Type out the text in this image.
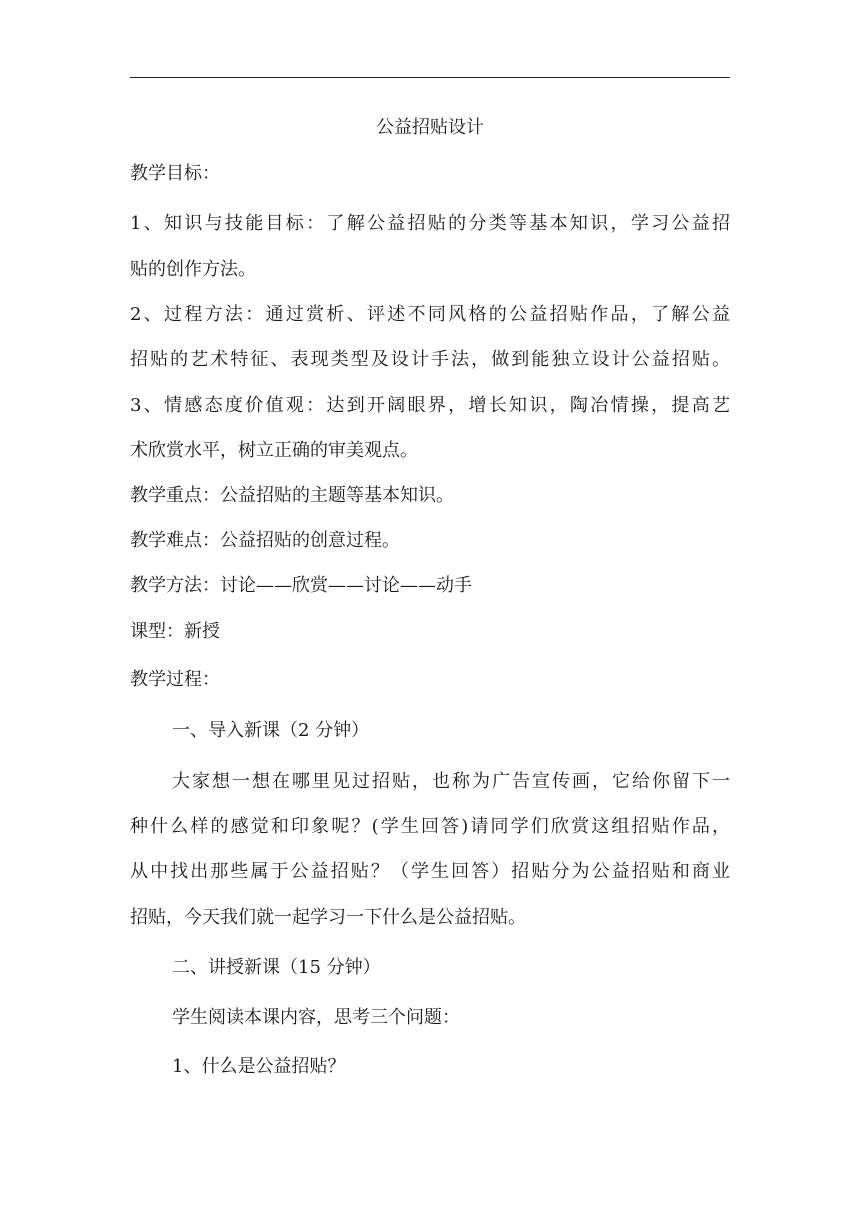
公益招贴设计
教学目标：
1、知识与技能目标：了解公益招贴的分类等基本知识，学习公益招
贴的创作方法。
2、过程方法：通过赏析、评述不同风格的公益招贴作品，了解公益
招贴的艺术特征、表现类型及设计手法，做到能独立设计公益招贴。
3、情感态度价值观：达到开阔眼界，增长知识，陶冶情操，提高艺
术欣赏水平，树立正确的审美观点。
教学重点：公益招贴的主题等基本知识。
教学难点：公益招贴的创意过程。
教学方法：讨论——欣赏——讨论——动手
课型：新授
教学过程：
一、导入新课（2 分钟）
大家想一想在哪里见过招贴，也称为广告宣传画，它给你留下一
种什么样的感觉和印象呢？(学生回答)请同学们欣赏这组招贴作品，
从中找出那些属于公益招贴？（学生回答）招贴分为公益招贴和商业
招贴，今天我们就一起学习一下什么是公益招贴。
二、讲授新课（15 分钟）
学生阅读本课内容，思考三个问题：
1、什么是公益招贴？
